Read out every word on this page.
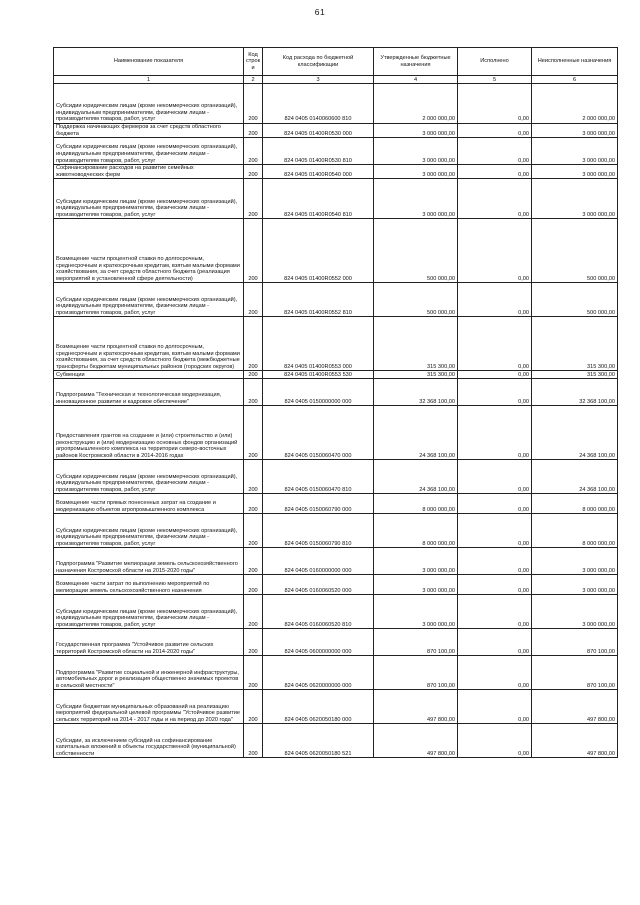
61
Наименование показателя	Код строк и	Код расхода по бюджетной классификации	Утвержденные бюджетные назначения	Исполнено	Неисполненные назначения
1	2	3	4	5	6
Субсидии юридическим лицам (кроме некоммерческих организаций), индивидуальным предпринимателям, физическим лицам - производителям товаров, работ, услуг	200	824 0405 0140060600 810	2 000 000,00	0,00	2 000 000,00
Поддержка начинающих фермеров за счет средств областного бюджета	200	824 0405 01400R0530 000	3 000 000,00	0,00	3 000 000,00
Субсидии юридическим лицам (кроме некоммерческих организаций), индивидуальным предпринимателям, физическим лицам - производителям товаров, работ, услуг	200	824 0405 01400R0530 810	3 000 000,00	0,00	3 000 000,00
Софинансирование расходов на развитие семейных животноводческих ферм	200	824 0405 01400R0540 000	3 000 000,00	0,00	3 000 000,00
Субсидии юридическим лицам (кроме некоммерческих организаций), индивидуальным предпринимателям, физическим лицам - производителям товаров, работ, услуг	200	824 0405 01400R0540 810	3 000 000,00	0,00	3 000 000,00
Возмещение части процентной ставки по долгосрочным, среднесрочным и краткосрочным кредитам, взятым малыми формами хозяйствования, за счет средств областного бюджета (реализация мероприятий в установленной сфере деятельности)	200	824 0405 01400R0552 000	500 000,00	0,00	500 000,00
Субсидии юридическим лицам (кроме некоммерческих организаций), индивидуальным предпринимателям, физическим лицам - производителям товаров, работ, услуг	200	824 0405 01400R0552 810	500 000,00	0,00	500 000,00
Возмещение части процентной ставки по долгосрочным, среднесрочным и краткосрочным кредитам, взятым малыми формами хозяйствования, за счет средств областного бюджета (межбюджетные трансферты бюджетам муниципальных районов (городских округов)	200	824 0405 01400R0553 000	315 300,00	0,00	315 300,00
Субвенции	200	824 0405 01400R0553 530	315 300,00	0,00	315 300,00
Подпрограмма "Техническая и технологическая модернизация, инновационное развитие и кадровое обеспечение"	200	824 0405 0150000000 000	32 368 100,00	0,00	32 368 100,00
Предоставления грантов на создание и (или) строительство и (или) реконструкцию и (или) модернизацию основных фондов организаций агропромышленного комплекса на территории северо-восточных районов Костромской области в 2014-2016 годах	200	824 0405 0150060470 000	24 368 100,00	0,00	24 368 100,00
Субсидии юридическим лицам (кроме некоммерческих организаций), индивидуальным предпринимателям, физическим лицам - производителям товаров, работ, услуг	200	824 0405 0150060470 810	24 368 100,00	0,00	24 368 100,00
Возмещение части прямых понесенных затрат на создание и модернизацию объектов агропромышленного комплекса	200	824 0405 0150060790 000	8 000 000,00	0,00	8 000 000,00
Субсидии юридическим лицам (кроме некоммерческих организаций), индивидуальным предпринимателям, физическим лицам - производителям товаров, работ, услуг	200	824 0405 0150060790 810	8 000 000,00	0,00	8 000 000,00
Подпрограмма "Развитие мелиорации земель сельскохозяйственного назначения Костромской области на 2015-2020 годы"	200	824 0405 0160000000 000	3 000 000,00	0,00	3 000 000,00
Возмещение части затрат по выполнению мероприятий по мелиорации земель сельскохозяйственного назначения	200	824 0405 0160060520 000	3 000 000,00	0,00	3 000 000,00
Субсидии юридическим лицам (кроме некоммерческих организаций), индивидуальным предпринимателям, физическим лицам - производителям товаров, работ, услуг	200	824 0405 0160060520 810	3 000 000,00	0,00	3 000 000,00
Государственная программа "Устойчивое развитие сельских территорий Костромской области на 2014-2020 годы"	200	824 0405 0600000000 000	870 100,00	0,00	870 100,00
Подпрограмма "Развитие социальной и инженерной инфраструктуры, автомобильных дорог и реализация общественно значимых проектов в сельской местности"	200	824 0405 0620000000 000	870 100,00	0,00	870 100,00
Субсидии бюджетам муниципальных образований на реализацию мероприятий федеральной целевой программы "Устойчивое развитие сельских территорий на 2014 - 2017 годы и на период до 2020 года"	200	824 0405 0620050180 000	497 800,00	0,00	497 800,00
Субсидии, за исключением субсидий на софинансирование капитальных вложений в объекты государственной (муниципальной) собственности	200	824 0405 0620050180 521	497 800,00	0,00	497 800,00
